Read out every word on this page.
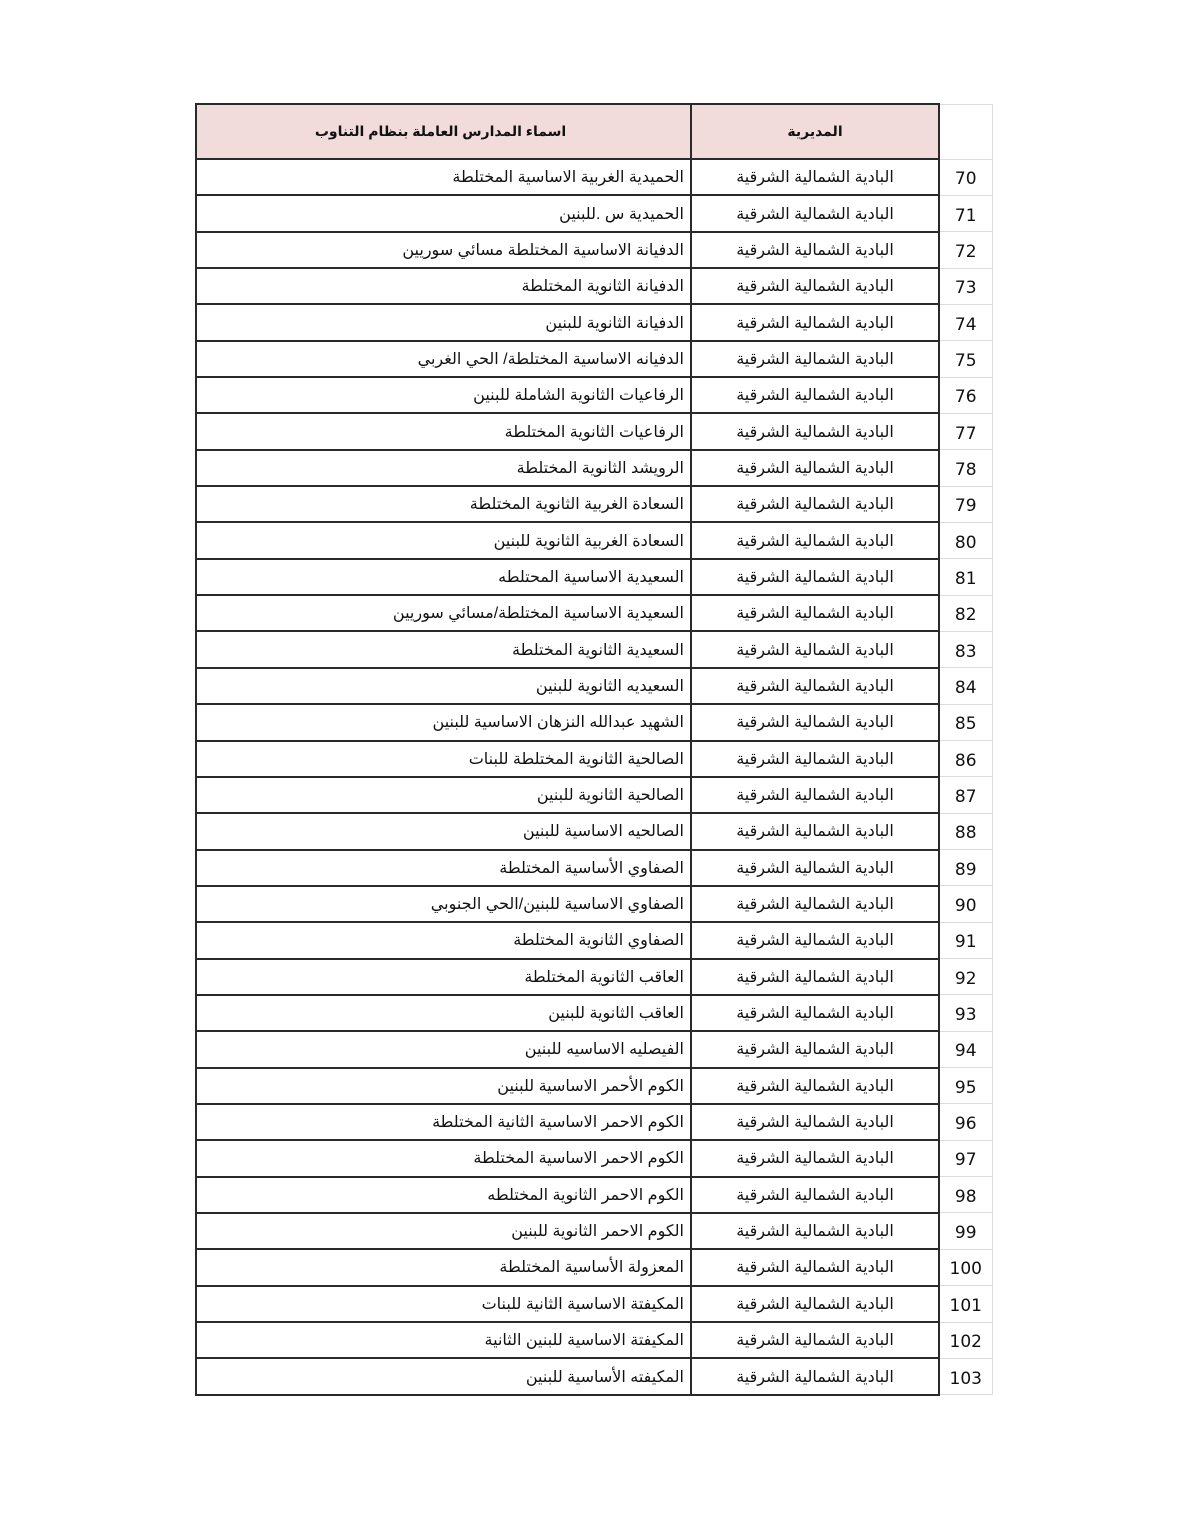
اسماء المدارس العاملة بنظام التناوب	المديرية	
الحميدية الغربية الاساسية المختلطة	البادية الشمالية الشرقية	70
الحميدية س .للبنين	البادية الشمالية الشرقية	71
الدفيانة الاساسية المختلطة مسائي سوريين	البادية الشمالية الشرقية	72
الدفيانة الثانوية المختلطة	البادية الشمالية الشرقية	73
الدفيانة الثانوية للبنين	البادية الشمالية الشرقية	74
الدفيانه الاساسية المختلطة/ الحي الغربي	البادية الشمالية الشرقية	75
الرفاعيات الثانوية الشاملة للبنين	البادية الشمالية الشرقية	76
الرفاعيات الثانوية المختلطة	البادية الشمالية الشرقية	77
الرويشد الثانوية المختلطة	البادية الشمالية الشرقية	78
السعادة الغربية الثانوية المختلطة	البادية الشمالية الشرقية	79
السعادة الغربية الثانوية للبنين	البادية الشمالية الشرقية	80
السعيدية الاساسية المحتلطه	البادية الشمالية الشرقية	81
السعيدية الاساسية المختلطة/مسائي سوريين	البادية الشمالية الشرقية	82
السعيدية الثانوية المختلطة	البادية الشمالية الشرقية	83
السعيديه الثانوية للبنين	البادية الشمالية الشرقية	84
الشهيد عبدالله النزهان الاساسية للبنين	البادية الشمالية الشرقية	85
الصالحية الثانوية المختلطة للبنات	البادية الشمالية الشرقية	86
الصالحية الثانوية للبنين	البادية الشمالية الشرقية	87
الصالحيه الاساسية للبنين	البادية الشمالية الشرقية	88
الصفاوي الأساسية المختلطة	البادية الشمالية الشرقية	89
الصفاوي الاساسية للبنين/الحي الجنوبي	البادية الشمالية الشرقية	90
الصفاوي الثانوية المختلطة	البادية الشمالية الشرقية	91
العاقب الثانوية المختلطة	البادية الشمالية الشرقية	92
العاقب الثانوية للبنين	البادية الشمالية الشرقية	93
الفيصليه الاساسيه للبنين	البادية الشمالية الشرقية	94
الكوم الأحمر الاساسية للبنين	البادية الشمالية الشرقية	95
الكوم الاحمر الاساسية الثانية المختلطة	البادية الشمالية الشرقية	96
الكوم الاحمر الاساسية المختلطة	البادية الشمالية الشرقية	97
الكوم الاحمر الثانوية المختلطه	البادية الشمالية الشرقية	98
الكوم الاحمر الثانوية للبنين	البادية الشمالية الشرقية	99
المعزولة الأساسية المختلطة	البادية الشمالية الشرقية	100
المكيفتة الاساسية الثانية للبنات	البادية الشمالية الشرقية	101
المكيفتة الاساسية للبنين الثانية	البادية الشمالية الشرقية	102
المكيفته الأساسية للبنين	البادية الشمالية الشرقية	103
